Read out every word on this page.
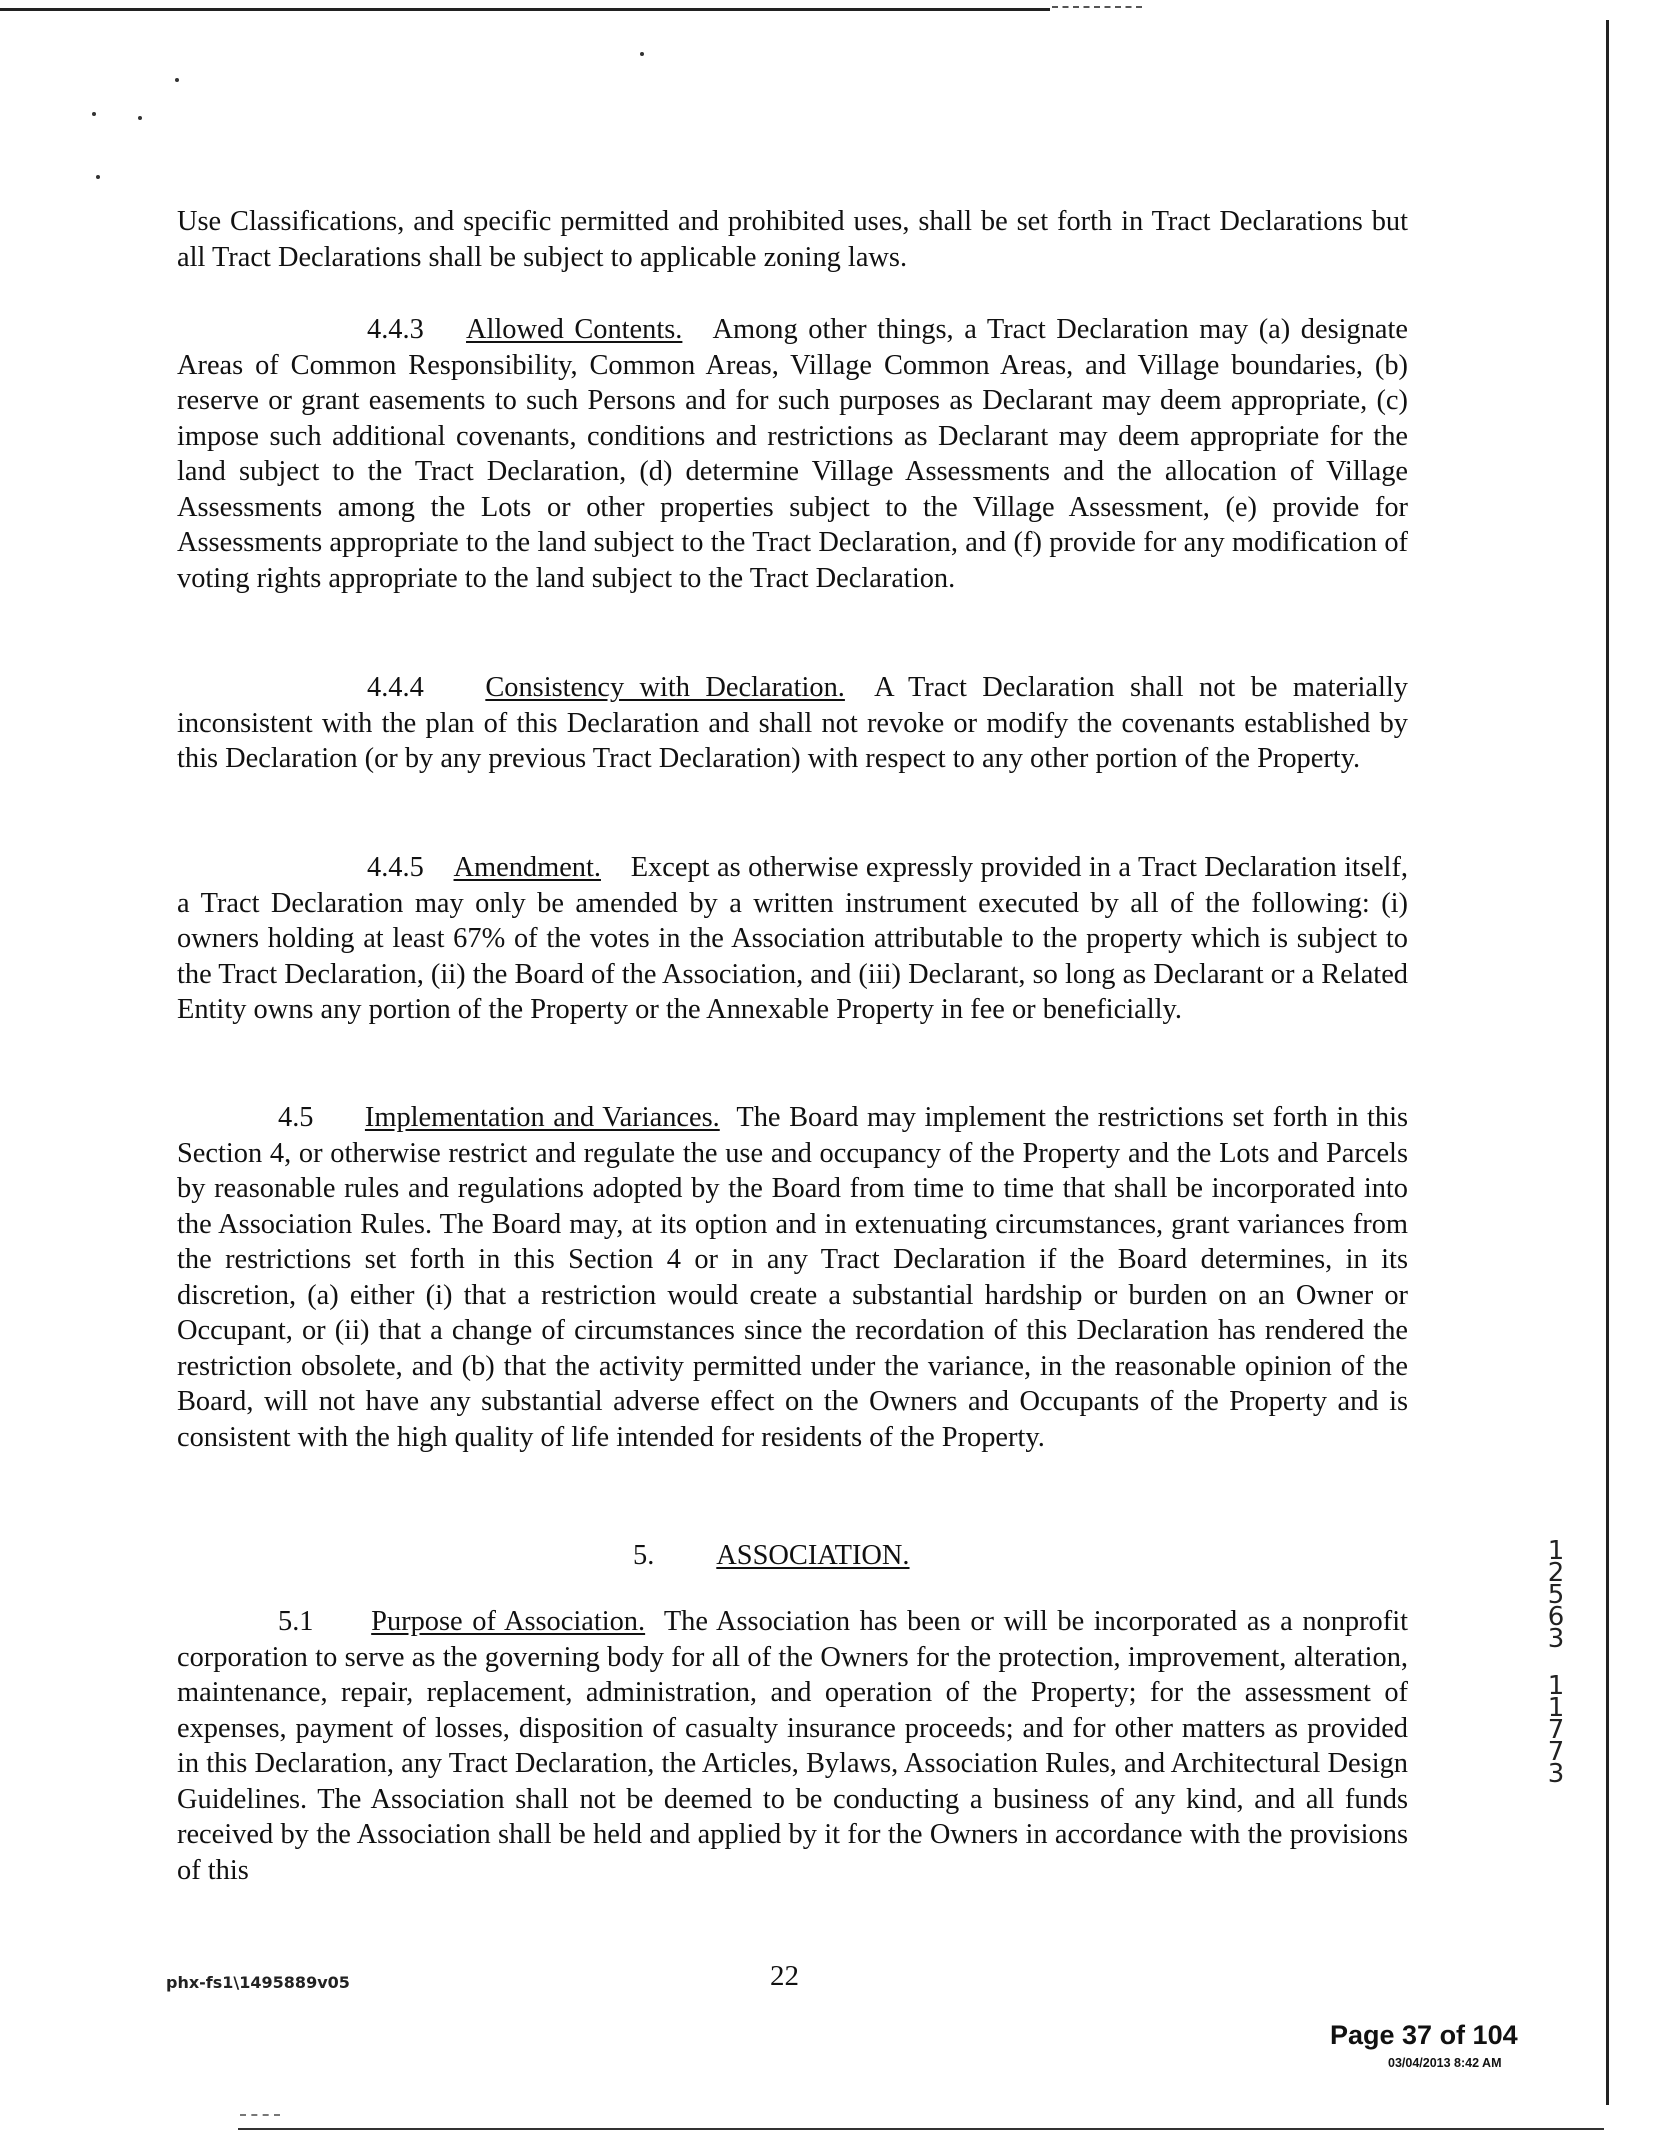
Use Classifications, and specific permitted and prohibited uses, shall be set forth in Tract Declarations but all Tract Declarations shall be subject to applicable zoning laws.

4.4.3 Allowed Contents. Among other things, a Tract Declaration may (a) designate Areas of Common Responsibility, Common Areas, Village Common Areas, and Village boundaries, (b) reserve or grant easements to such Persons and for such purposes as Declarant may deem appropriate, (c) impose such additional covenants, conditions and restrictions as Declarant may deem appropriate for the land subject to the Tract Declaration, (d) determine Village Assessments and the allocation of Village Assessments among the Lots or other properties subject to the Village Assessment, (e) provide for Assessments appropriate to the land subject to the Tract Declaration, and (f) provide for any modification of voting rights appropriate to the land subject to the Tract Declaration.

4.4.4 Consistency with Declaration. A Tract Declaration shall not be materially inconsistent with the plan of this Declaration and shall not revoke or modify the covenants established by this Declaration (or by any previous Tract Declaration) with respect to any other portion of the Property.

4.4.5 Amendment. Except as otherwise expressly provided in a Tract Declaration itself, a Tract Declaration may only be amended by a written instrument executed by all of the following: (i) owners holding at least 67% of the votes in the Association attributable to the property which is subject to the Tract Declaration, (ii) the Board of the Association, and (iii) Declarant, so long as Declarant or a Related Entity owns any portion of the Property or the Annexable Property in fee or beneficially.

4.5 Implementation and Variances. The Board may implement the restrictions set forth in this Section 4, or otherwise restrict and regulate the use and occupancy of the Property and the Lots and Parcels by reasonable rules and regulations adopted by the Board from time to time that shall be incorporated into the Association Rules. The Board may, at its option and in extenuating circumstances, grant variances from the restrictions set forth in this Section 4 or in any Tract Declaration if the Board determines, in its discretion, (a) either (i) that a restriction would create a substantial hardship or burden on an Owner or Occupant, or (ii) that a change of circumstances since the recordation of this Declaration has rendered the restriction obsolete, and (b) that the activity permitted under the variance, in the reasonable opinion of the Board, will not have any substantial adverse effect on the Owners and Occupants of the Property and is consistent with the high quality of life intended for residents of the Property.

5. ASSOCIATION.

5.1 Purpose of Association. The Association has been or will be incorporated as a nonprofit corporation to serve as the governing body for all of the Owners for the protection, improvement, alteration, maintenance, repair, replacement, administration, and operation of the Property; for the assessment of expenses, payment of losses, disposition of casualty insurance proceeds; and for other matters as provided in this Declaration, any Tract Declaration, the Articles, Bylaws, Association Rules, and Architectural Design Guidelines. The Association shall not be deemed to be conducting a business of any kind, and all funds received by the Association shall be held and applied by it for the Owners in accordance with the provisions of this

1
2
5
6
3
1
1
7
7
3
phx-fs1\1495889v05	22
Page 37 of 104
03/04/2013 8:42 AM
